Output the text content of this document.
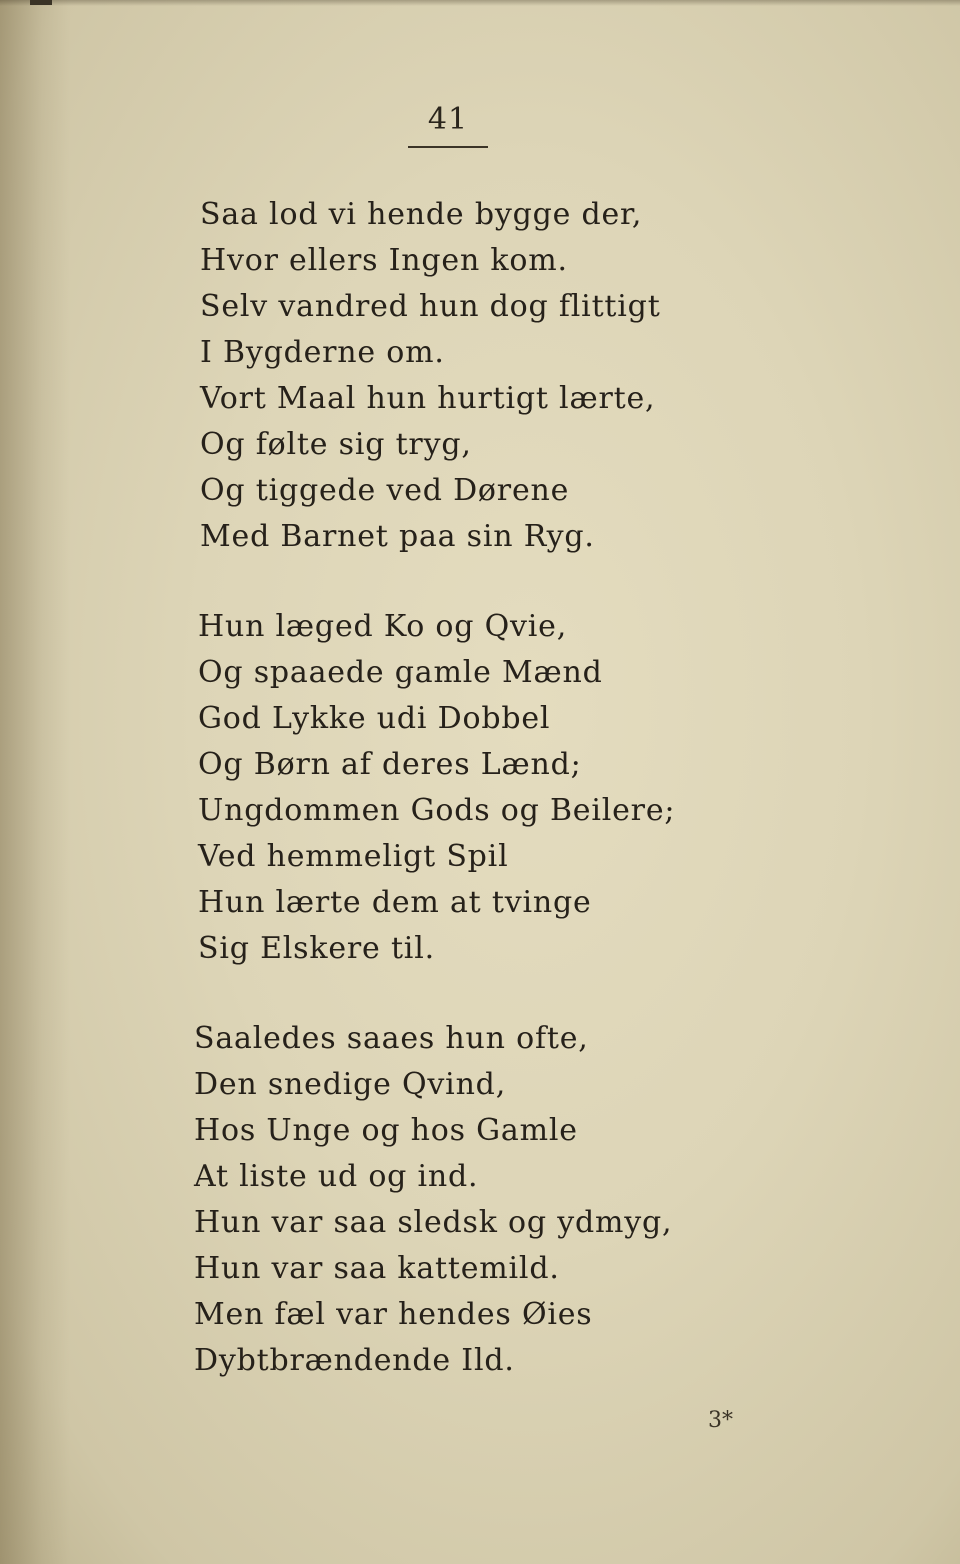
41
Saa lod vi hende bygge der,
Hvor ellers Ingen kom.
Selv vandred hun dog flittigt
I Bygderne om.
Vort Maal hun hurtigt lærte,
Og følte sig tryg,
Og tiggede ved Dørene
Med Barnet paa sin Ryg.
Hun læged Ko og Qvie,
Og spaaede gamle Mænd
God Lykke udi Dobbel
Og Børn af deres Lænd;
Ungdommen Gods og Beilere;
Ved hemmeligt Spil
Hun lærte dem at tvinge
Sig Elskere til.
Saaledes saaes hun ofte,
Den snedige Qvind,
Hos Unge og hos Gamle
At liste ud og ind.
Hun var saa sledsk og ydmyg,
Hun var saa kattemild.
Men fæl var hendes Øies
Dybtbrændende Ild.
3*
